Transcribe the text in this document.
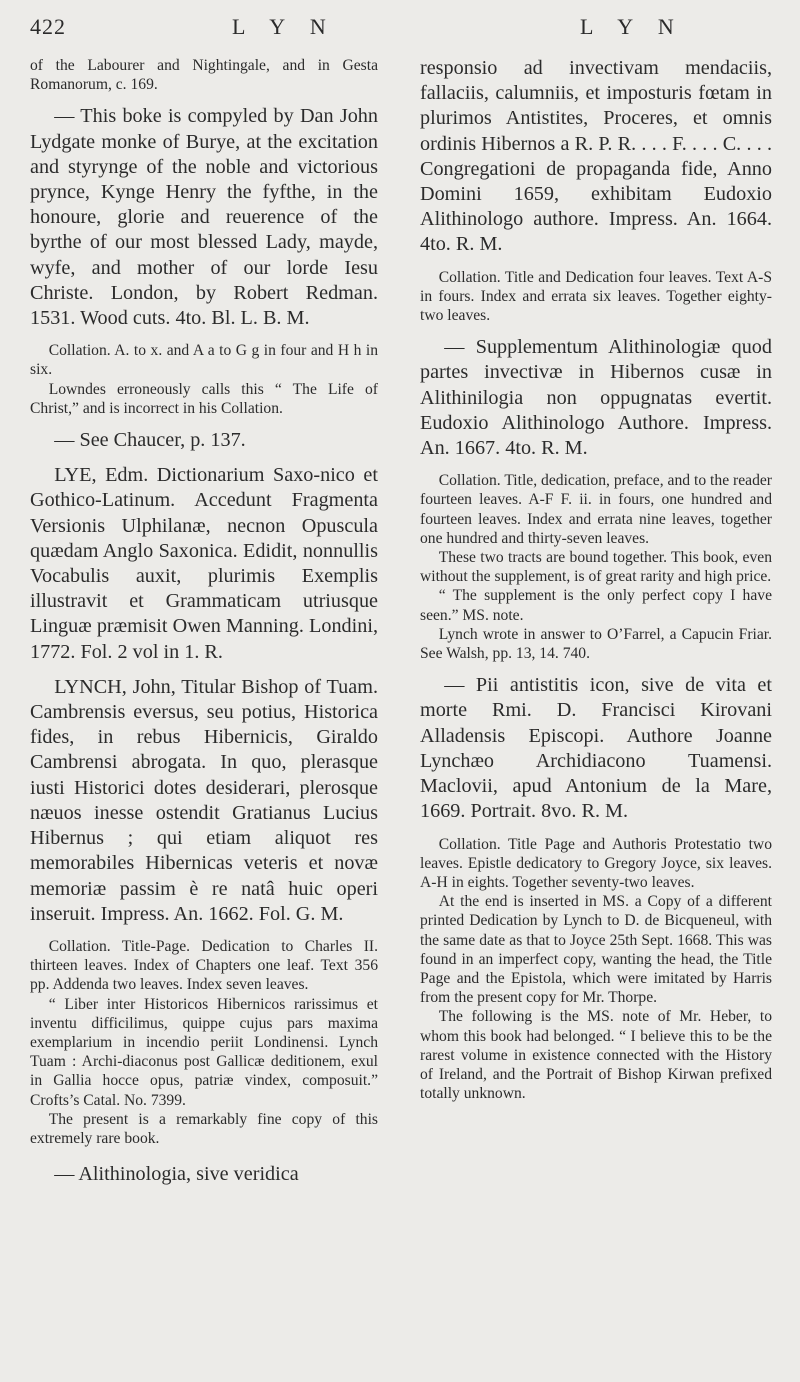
422	L Y N	L Y N

of the Labourer and Nightingale, and in Gesta Romanorum, c. 169.

— This boke is compyled by Dan John Lydgate monke of Burye, at the excitation and styrynge of the noble and victorious prynce, Kynge Henry the fyfthe, in the honoure, glorie and reuerence of the byrthe of our most blessed Lady, mayde, wyfe, and mother of our lorde Iesu Christe. London, by Robert Redman. 1531. Wood cuts. 4to. Bl. L. B. M.

Collation. A. to x. and A a to G g in four and H h in six.

Lowndes erroneously calls this “ The Life of Christ,” and is incorrect in his Collation.

— See Chaucer, p. 137.

LYE, Edm. Dictionarium Saxo-nico et Gothico-Latinum. Accedunt Fragmenta Versionis Ulphilanæ, necnon Opuscula quædam Anglo Saxonica. Edidit, nonnullis Vocabulis auxit, plurimis Exemplis illustravit et Grammaticam utriusque Linguæ præmisit Owen Manning. Londini, 1772. Fol. 2 vol in 1. R.

LYNCH, John, Titular Bishop of Tuam. Cambrensis eversus, seu potius, Historica fides, in rebus Hibernicis, Giraldo Cambrensi abrogata. In quo, plerasque iusti Historici dotes desiderari, plerosque næuos inesse ostendit Gratianus Lucius Hibernus ; qui etiam aliquot res memorabiles Hibernicas veteris et novæ memoriæ passim è re natâ huic operi inseruit. Impress. An. 1662. Fol. G. M.

Collation. Title-Page. Dedication to Charles II. thirteen leaves. Index of Chapters one leaf. Text 356 pp. Addenda two leaves. Index seven leaves.

“ Liber inter Historicos Hibernicos rarissimus et inventu difficilimus, quippe cujus pars maxima exemplarium in incendio periit Londinensi. Lynch Tuam : Archi-diaconus post Gallicæ deditionem, exul in Gallia hocce opus, patriæ vindex, composuit.” Crofts’s Catal. No. 7399.

The present is a remarkably fine copy of this extremely rare book.

— Alithinologia, sive veridica

responsio ad invectivam mendaciis, fallaciis, calumniis, et imposturis fœtam in plurimos Antistites, Proceres, et omnis ordinis Hibernos a R. P. R. . . . F. . . . C. . . . Congregationi de propaganda fide, Anno Domini 1659, exhibitam Eudoxio Alithinologo authore. Impress. An. 1664. 4to. R. M.

Collation. Title and Dedication four leaves. Text A-S in fours. Index and errata six leaves. Together eighty-two leaves.

— Supplementum Alithinologiæ quod partes invectivæ in Hibernos cusæ in Alithinilogia non oppugnatas evertit. Eudoxio Alithinologo Authore. Impress. An. 1667. 4to. R. M.

Collation. Title, dedication, preface, and to the reader fourteen leaves. A-F F. ii. in fours, one hundred and fourteen leaves. Index and errata nine leaves, together one hundred and thirty-seven leaves.

These two tracts are bound together. This book, even without the supplement, is of great rarity and high price.

“ The supplement is the only perfect copy I have seen.” MS. note.

Lynch wrote in answer to O’Farrel, a Capucin Friar. See Walsh, pp. 13, 14. 740.

— Pii antistitis icon, sive de vita et morte Rmi. D. Francisci Kirovani Alladensis Episcopi. Authore Joanne Lynchæo Archidiacono Tuamensi. Maclovii, apud Antonium de la Mare, 1669. Portrait. 8vo. R. M.

Collation. Title Page and Authoris Protestatio two leaves. Epistle dedicatory to Gregory Joyce, six leaves. A-H in eights. Together seventy-two leaves.

At the end is inserted in MS. a Copy of a different printed Dedication by Lynch to D. de Bicqueneul, with the same date as that to Joyce 25th Sept. 1668. This was found in an imperfect copy, wanting the head, the Title Page and the Epistola, which were imitated by Harris from the present copy for Mr. Thorpe.

The following is the MS. note of Mr. Heber, to whom this book had belonged. “ I believe this to be the rarest volume in existence connected with the History of Ireland, and the Portrait of Bishop Kirwan prefixed totally unknown.
